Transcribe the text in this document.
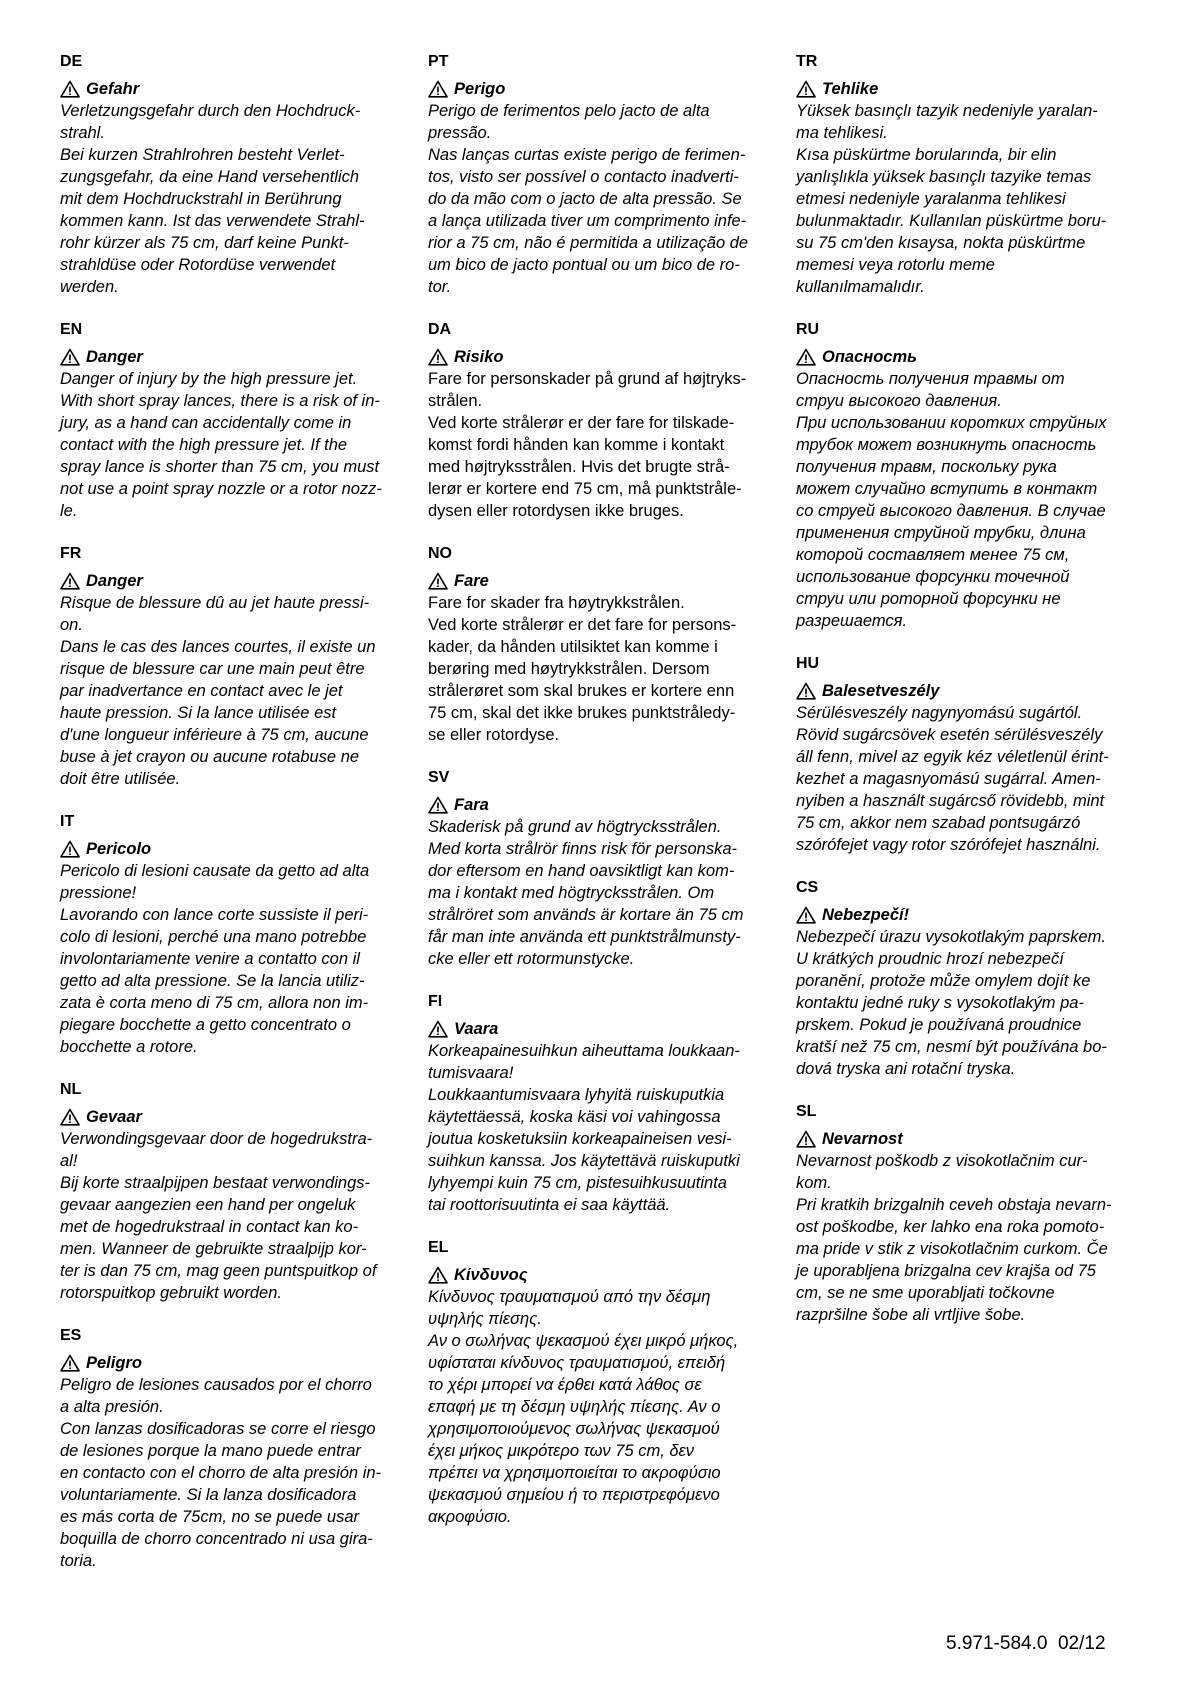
DE
Gefahr
Verletzungsgefahr durch den Hochdruck-
strahl.
Bei kurzen Strahlrohren besteht Verlet-
zungsgefahr, da eine Hand versehentlich
mit dem Hochdruckstrahl in Berührung
kommen kann. Ist das verwendete Strahl-
rohr kürzer als 75 cm, darf keine Punkt-
strahldüse oder Rotordüse verwendet
werden.
EN
Danger
Danger of injury by the high pressure jet.
With short spray lances, there is a risk of in-
jury, as a hand can accidentally come in
contact with the high pressure jet. If the
spray lance is shorter than 75 cm, you must
not use a point spray nozzle or a rotor nozz-
le.
FR
Danger
Risque de blessure dû au jet haute pressi-
on.
Dans le cas des lances courtes, il existe un
risque de blessure car une main peut être
par inadvertance en contact avec le jet
haute pression. Si la lance utilisée est
d'une longueur inférieure à 75 cm, aucune
buse à jet crayon ou aucune rotabuse ne
doit être utilisée.
IT
Pericolo
Pericolo di lesioni causate da getto ad alta
pressione!
Lavorando con lance corte sussiste il peri-
colo di lesioni, perché una mano potrebbe
involontariamente venire a contatto con il
getto ad alta pressione. Se la lancia utiliz-
zata è corta meno di 75 cm, allora non im-
piegare bocchette a getto concentrato o
bocchette a rotore.
NL
Gevaar
Verwondingsgevaar door de hogedrukstra-
al!
Bij korte straalpijpen bestaat verwondings-
gevaar aangezien een hand per ongeluk
met de hogedrukstraal in contact kan ko-
men. Wanneer de gebruikte straalpijp kor-
ter is dan 75 cm, mag geen puntspuitkop of
rotorspuitkop gebruikt worden.
ES
Peligro
Peligro de lesiones causados por el chorro
a alta presión.
Con lanzas dosificadoras se corre el riesgo
de lesiones porque la mano puede entrar
en contacto con el chorro de alta presión in-
voluntariamente. Si la lanza dosificadora
es más corta de 75cm, no se puede usar
boquilla de chorro concentrado ni usa gira-
toria.
PT
Perigo
Perigo de ferimentos pelo jacto de alta
pressão.
Nas lanças curtas existe perigo de ferimen-
tos, visto ser possível o contacto inadverti-
do da mão com o jacto de alta pressão. Se
a lança utilizada tiver um comprimento infe-
rior a 75 cm, não é permitida a utilização de
um bico de jacto pontual ou um bico de ro-
tor.
DA
Risiko
Fare for personskader på grund af højtryks-
strålen.
Ved korte strålerør er der fare for tilskade-
komst fordi hånden kan komme i kontakt
med højtryksstrålen. Hvis det brugte strå-
lerør er kortere end 75 cm, må punktstråle-
dysen eller rotordysen ikke bruges.
NO
Fare
Fare for skader fra høytrykkstrålen.
Ved korte strålerør er det fare for persons-
kader, da hånden utilsiktet kan komme i
berøring med høytrykkstrålen. Dersom
strålerøret som skal brukes er kortere enn
75 cm, skal det ikke brukes punktstråledy-
se eller rotordyse.
SV
Fara
Skaderisk på grund av högtrycksstrålen.
Med korta strålrör finns risk för personska-
dor eftersom en hand oavsiktligt kan kom-
ma i kontakt med högtrycksstrålen. Om
strålröret som används är kortare än 75 cm
får man inte använda ett punktstrålmunsty-
cke eller ett rotormunstycke.
FI
Vaara
Korkeapainesuihkun aiheuttama loukkaan-
tumisvaara!
Loukkaantumisvaara lyhyitä ruiskuputkia
käytettäessä, koska käsi voi vahingossa
joutua kosketuksiin korkeapaineisen vesi-
suihkun kanssa. Jos käytettävä ruiskuputki
lyhyempi kuin 75 cm, pistesuihkusuutinta
tai roottorisuutinta ei saa käyttää.
EL
Κίνδυνος
Κίνδυνος τραυματισμού από την δέσμη
υψηλής πίεσης.
Αν ο σωλήνας ψεκασμού έχει μικρό μήκος,
υφίσταται κίνδυνος τραυματισμού, επειδή
το χέρι μπορεί να έρθει κατά λάθος σε
επαφή με τη δέσμη υψηλής πίεσης. Αν ο
χρησιμοποιούμενος σωλήνας ψεκασμού
έχει μήκος μικρότερο των 75 cm, δεν
πρέπει να χρησιμοποιείται το ακροφύσιο
ψεκασμού σημείου ή το περιστρεφόμενο
ακροφύσιο.
TR
Tehlike
Yüksek basınçlı tazyik nedeniyle yaralan-
ma tehlikesi.
Kısa püskürtme borularında, bir elin
yanlışlıkla yüksek basınçlı tazyike temas
etmesi nedeniyle yaralanma tehlikesi
bulunmaktadır. Kullanılan püskürtme boru-
su 75 cm'den kısaysa, nokta püskürtme
memesi veya rotorlu meme
kullanılmamalıdır.
RU
Опасность
Опасность получения травмы от
струи высокого давления.
При использовании коротких струйных
трубок может возникнуть опасность
получения травм, поскольку рука
может случайно вступить в контакт
со струей высокого давления. В случае
применения струйной трубки, длина
которой составляет менее 75 см,
использование форсунки точечной
струи или роторной форсунки не
разрешается.
HU
Balesetveszély
Sérülésveszély nagynyomású sugártól.
Rövid sugárcsövek esetén sérülésveszély
áll fenn, mivel az egyik kéz véletlenül érint-
kezhet a magasnyomású sugárral. Amen-
nyiben a használt sugárcső rövidebb, mint
75 cm, akkor nem szabad pontsugárzó
szórófejet vagy rotor szórófejet használni.
CS
Nebezpečí!
Nebezpečí úrazu vysokotlakým paprskem.
U krátkých proudnic hrozí nebezpečí
poranění, protože může omylem dojít ke
kontaktu jedné ruky s vysokotlakým pa-
prskem. Pokud je používaná proudnice
kratší než 75 cm, nesmí být používána bo-
dová tryska ani rotační tryska.
SL
Nevarnost
Nevarnost poškodb z visokotlačnim cur-
kom.
Pri kratkih brizgalnih ceveh obstaja nevarn-
ost poškodbe, ker lahko ena roka pomoto-
ma pride v stik z visokotlačnim curkom. Če
je uporabljena brizgalna cev krajša od 75
cm, se ne sme uporabljati točkovne
razpršilne šobe ali vrtljive šobe.
5.971-584.0 02/12
